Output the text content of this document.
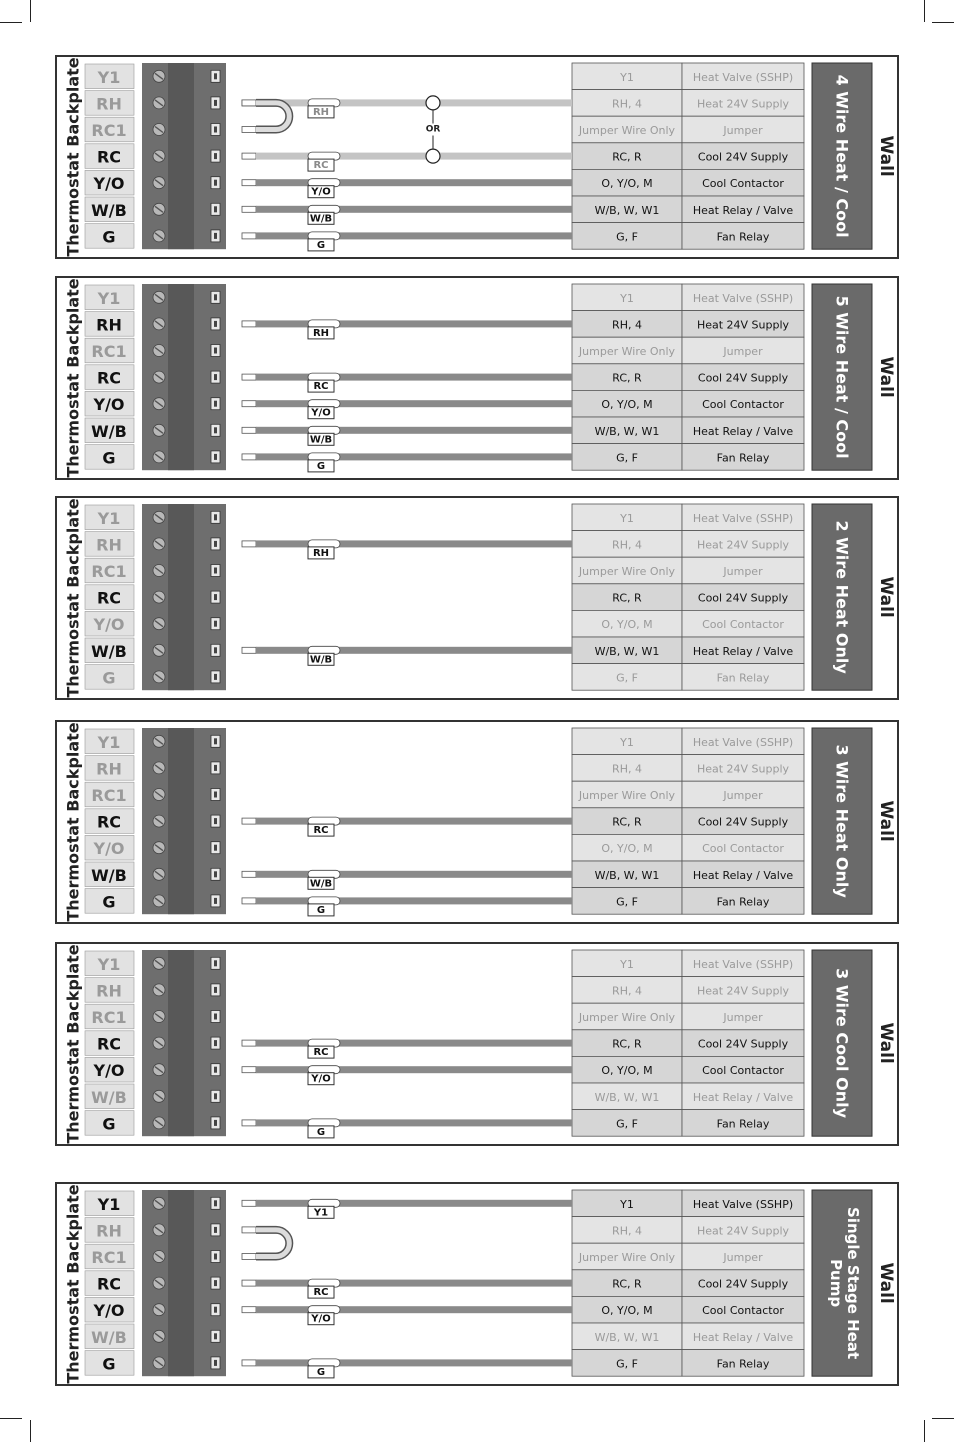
Thermostat Backplate Y1
RH
RC1
RC
Y/O
W/B
G
Y1	Heat Valve (SSHP)
RH, 4	Heat 24V Supply
Jumper Wire Only	Jumper
RC, R	Cool 24V Supply
O, Y/O, M	Cool Contactor
W/B, W, W1	Heat Relay / Valve
G, F	Fan Relay	4 Wire Heat / Cool Wall
RH
RC
Y/O
W/B
G
OR
Thermostat Backplate Y1
RH
RC1
RC
Y/O
W/B
G
Y1	Heat Valve (SSHP)
RH, 4	Heat 24V Supply
Jumper Wire Only	Jumper
RC, R	Cool 24V Supply
O, Y/O, M	Cool Contactor
W/B, W, W1	Heat Relay / Valve
G, F	Fan Relay	5 Wire Heat / Cool Wall
RH
RC
Y/O
W/B
G
Thermostat Backplate Y1
RH
RC1
RC
Y/O
W/B
G
Y1	Heat Valve (SSHP)
RH, 4	Heat 24V Supply
Jumper Wire Only	Jumper
RC, R	Cool 24V Supply
O, Y/O, M	Cool Contactor
W/B, W, W1	Heat Relay / Valve
G, F	Fan Relay
2 Wire Heat Only Wall
RH
W/B
Thermostat Backplate Y1
RH
RC1
RC
Y/O
W/B
G
Y1	Heat Valve (SSHP)
RH, 4	Heat 24V Supply
Jumper Wire Only	Jumper
RC, R	Cool 24V Supply
O, Y/O, M	Cool Contactor
W/B, W, W1	Heat Relay / Valve
G, F	Fan Relay
3 Wire Heat Only Wall
RC
W/B
G
Thermostat Backplate Y1
RH
RC1
RC
Y/O
W/B
G
Y1	Heat Valve (SSHP)
RH, 4	Heat 24V Supply
Jumper Wire Only	Jumper
RC, R	Cool 24V Supply
O, Y/O, M	Cool Contactor
W/B, W, W1	Heat Relay / Valve
G, F	Fan Relay
3 Wire Cool Only Wall
RC
Y/O
G
Thermostat Backplate Y1
RH
RC1
RC
Y/O
W/B
G
Y1	Heat Valve (SSHP)
RH, 4	Heat 24V Supply
Jumper Wire Only	Jumper
RC, R	Cool 24V Supply
O, Y/O, M	Cool Contactor
W/B, W, W1	Heat Relay / Valve
G, F	Fan Relay
Single Stage HeatPump	Wall
Y1
RC
Y/O
G
